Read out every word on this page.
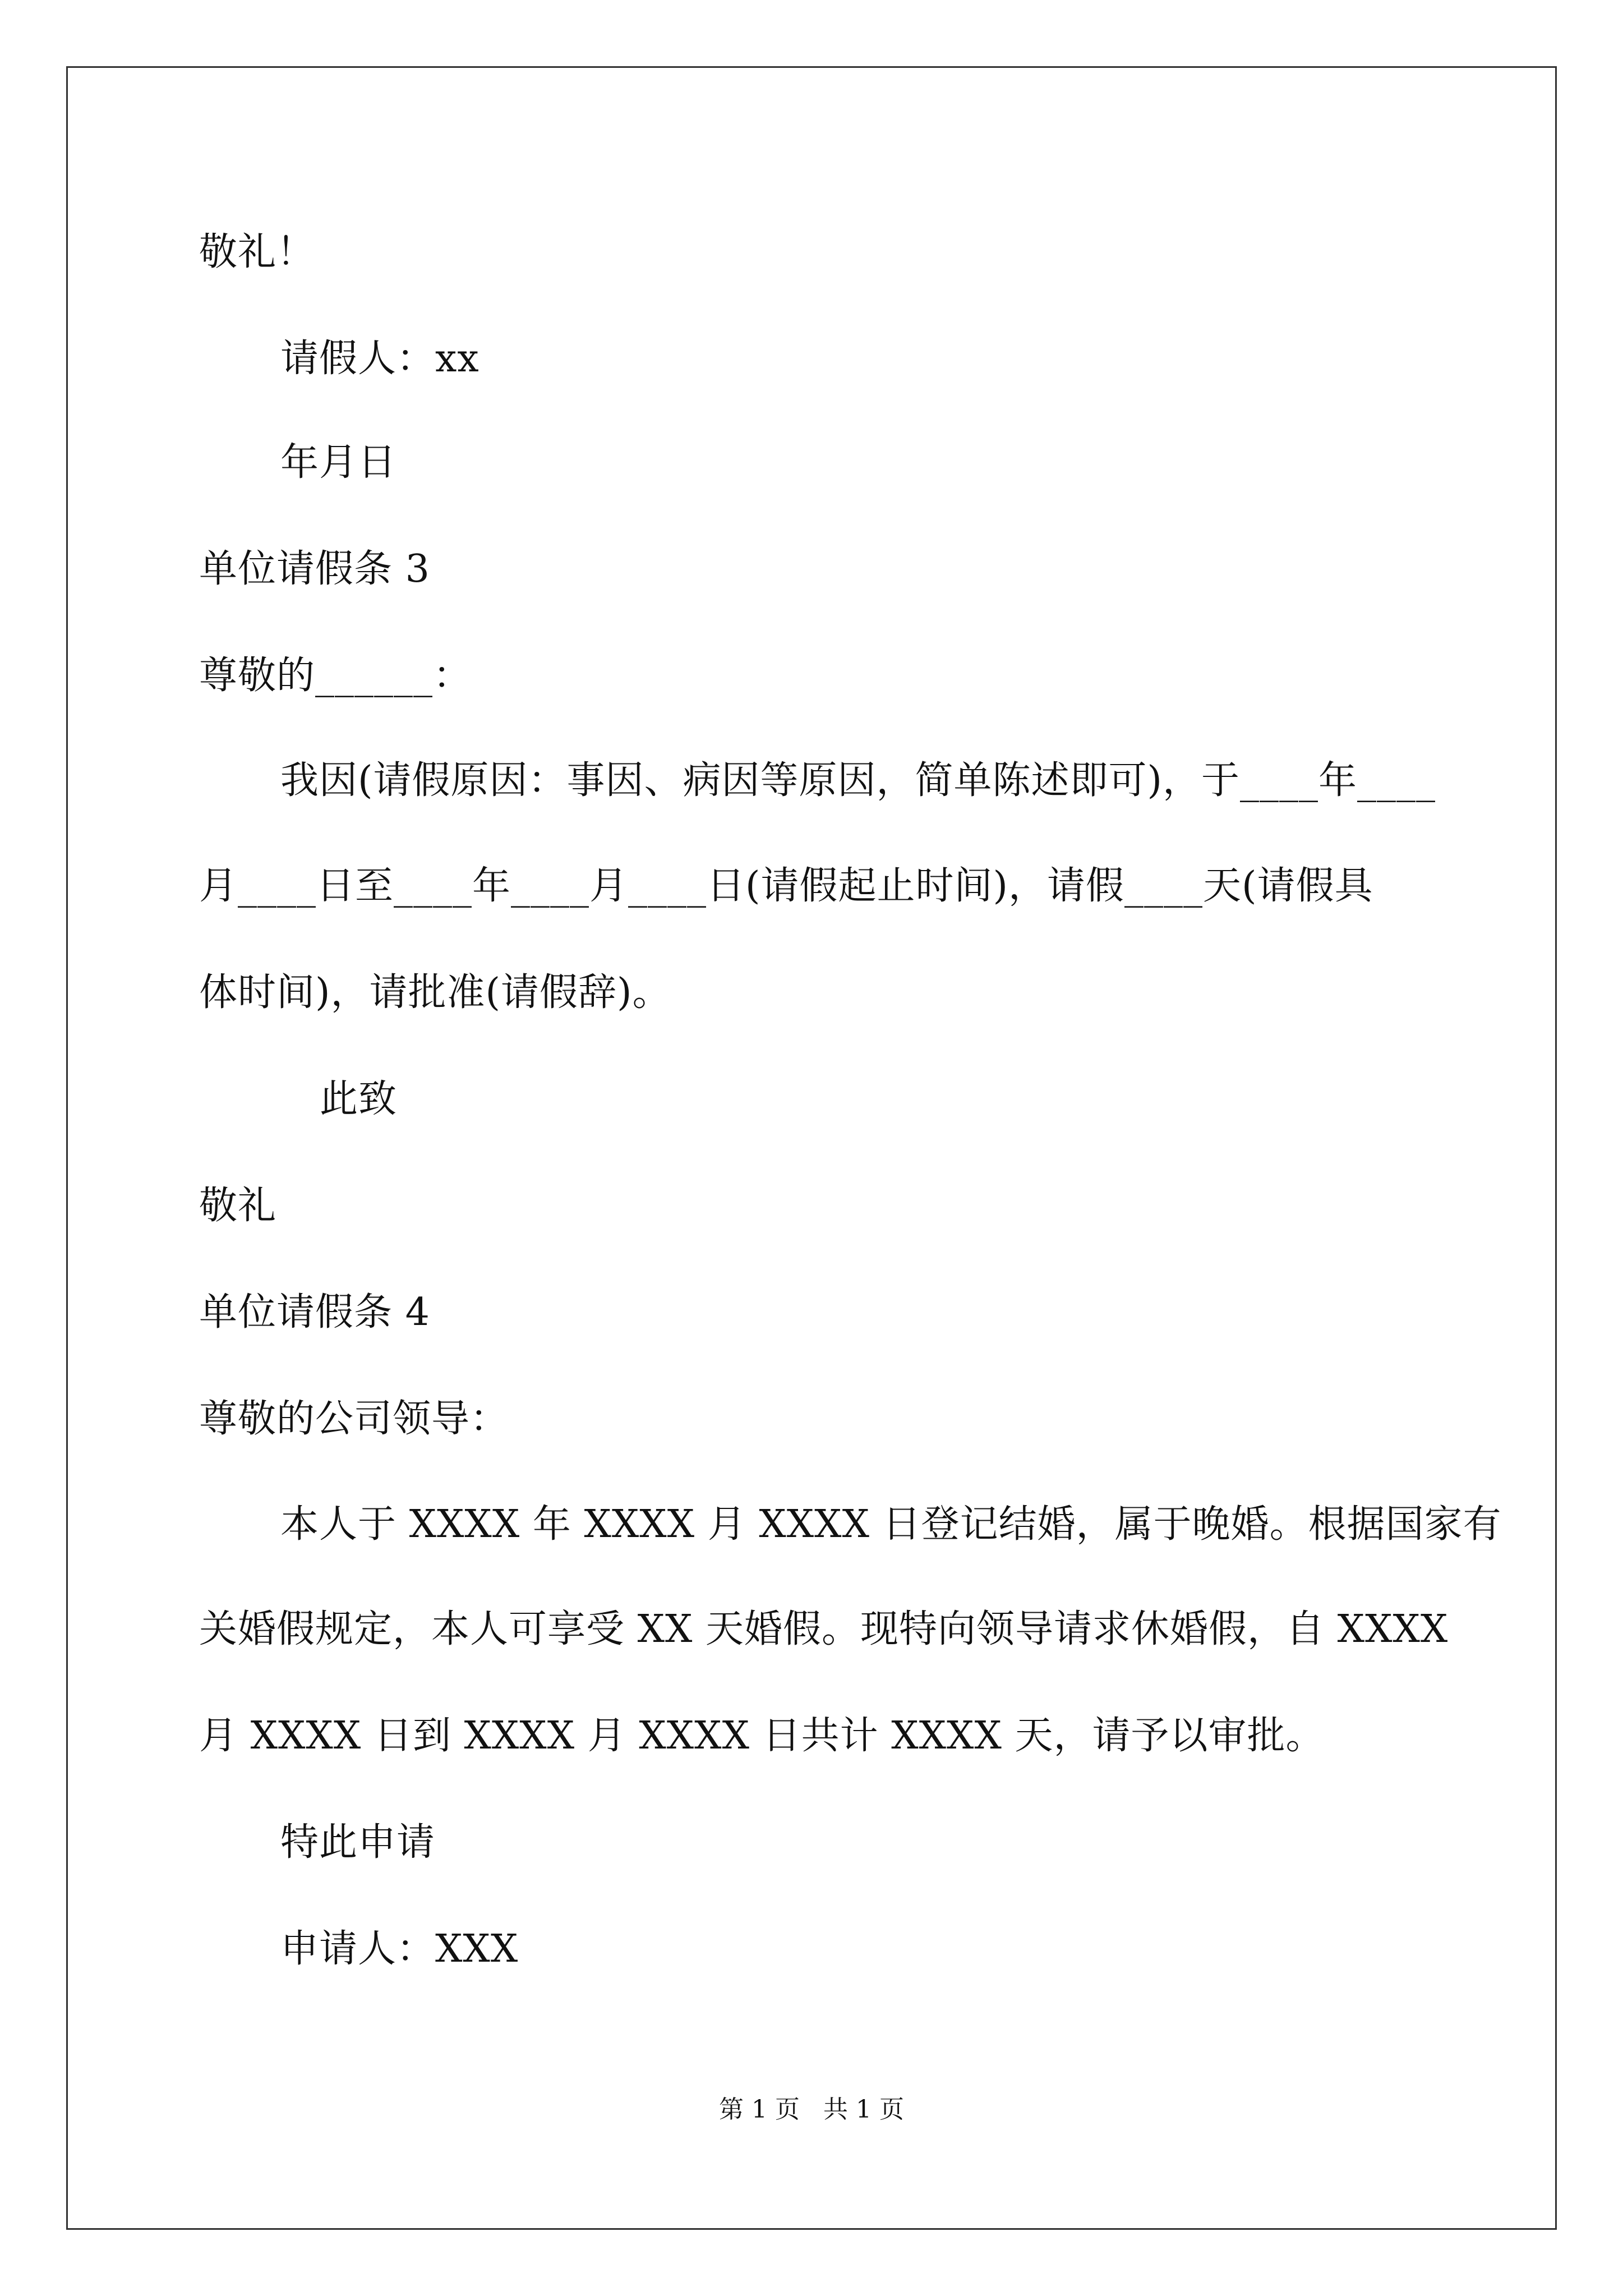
敬礼！
请假人：xx
年月日
单位请假条 3
尊敬的______：
我因(请假原因：事因、病因等原因，简单陈述即可)，于____年____
月____日至____年____月____日(请假起止时间)，请假____天(请假具
体时间)，请批准(请假辞)。
此致
敬礼
单位请假条 4
尊敬的公司领导：
本人于 XXXX 年 XXXX 月 XXXX 日登记结婚，属于晚婚。根据国家有
关婚假规定，本人可享受 XX 天婚假。现特向领导请求休婚假，自 XXXX
月 XXXX 日到 XXXX 月 XXXX 日共计 XXXX 天，请予以审批。
特此申请
申请人：XXX
第 1 页   共 1 页
